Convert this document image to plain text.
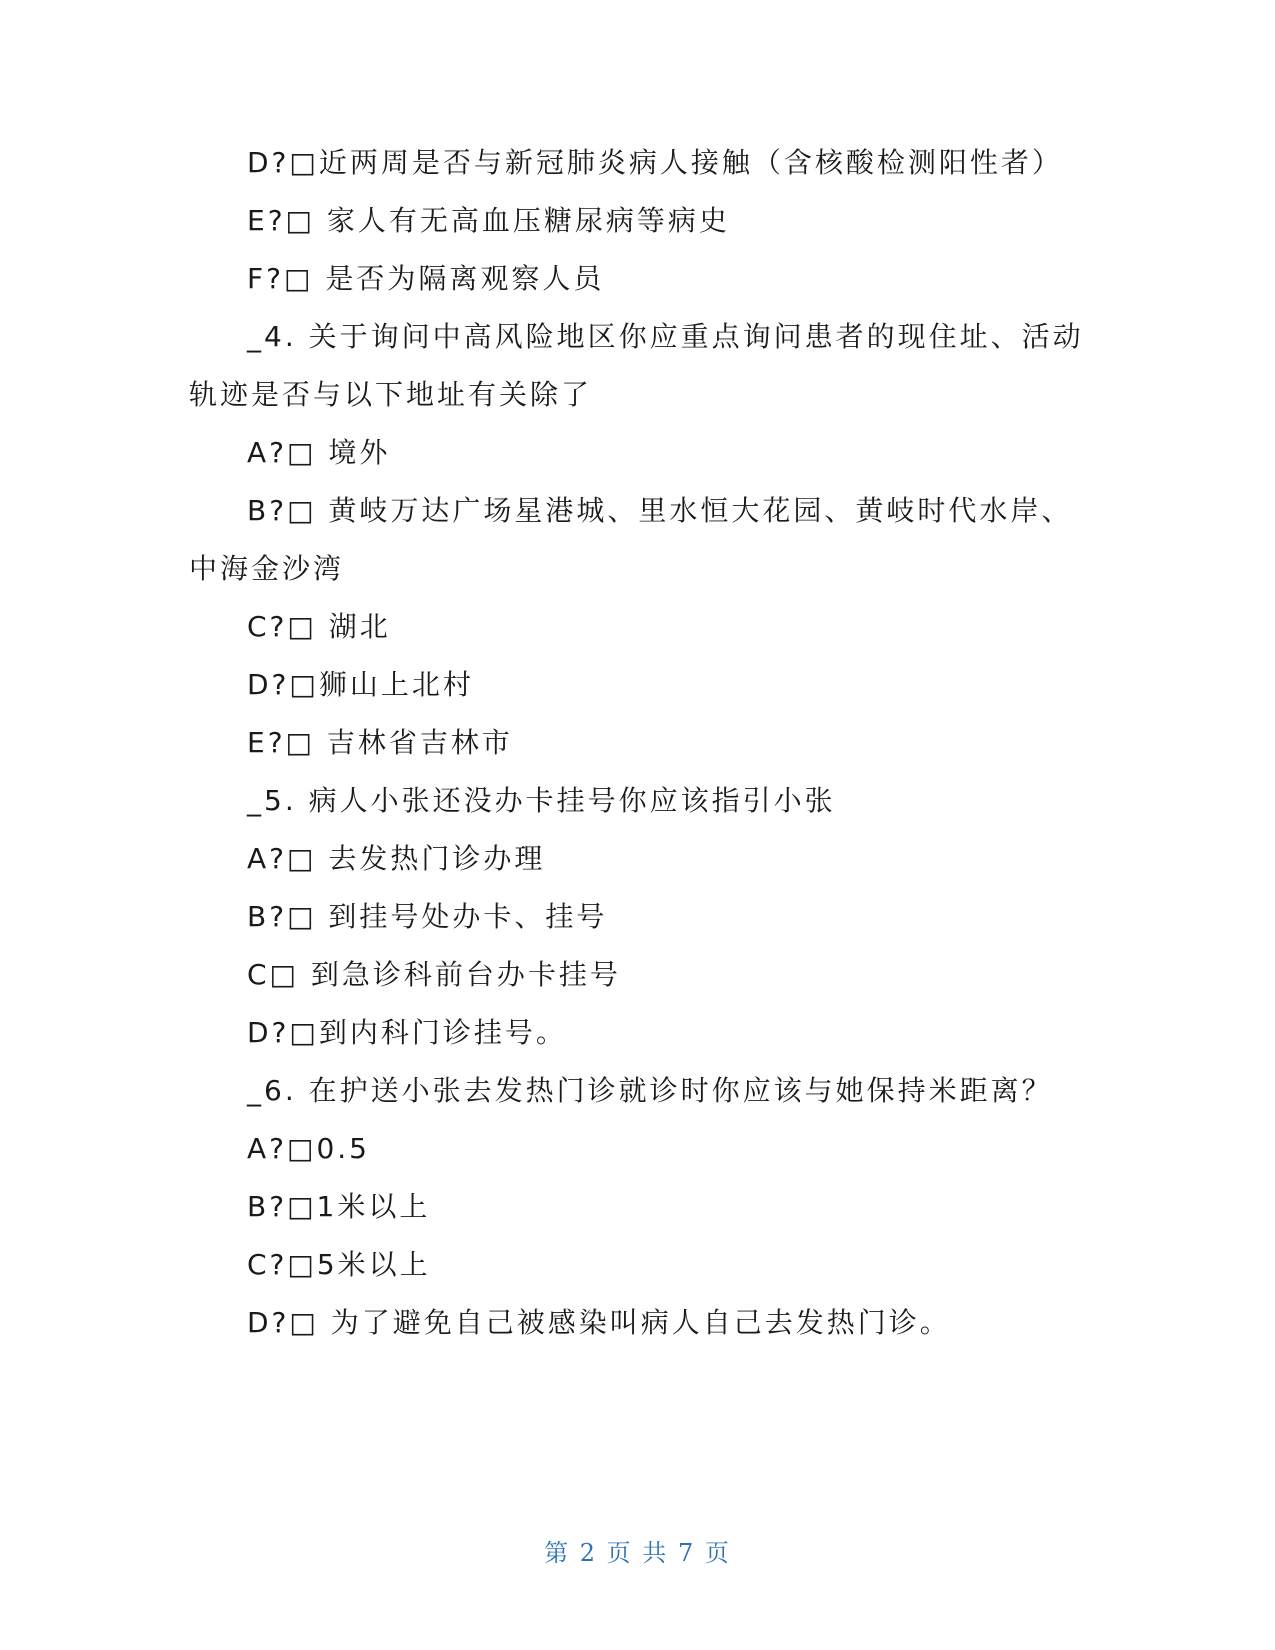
D?□近两周是否与新冠肺炎病人接触（含核酸检测阳性者）

E?□ 家人有无高血压糖尿病等病史

F?□ 是否为隔离观察人员

_4. 关于询问中高风险地区你应重点询问患者的现住址、活动

轨迹是否与以下地址有关除了

A?□ 境外

B?□ 黄岐万达广场星港城、里水恒大花园、黄岐时代水岸、

中海金沙湾

C?□ 湖北

D?□狮山上北村

E?□ 吉林省吉林市

_5. 病人小张还没办卡挂号你应该指引小张

A?□ 去发热门诊办理

B?□ 到挂号处办卡、挂号

C□ 到急诊科前台办卡挂号

D?□到内科门诊挂号。

_6. 在护送小张去发热门诊就诊时你应该与她保持米距离？

A?□0.5

B?□1米以上

C?□5米以上

D?□ 为了避免自己被感染叫病人自己去发热门诊。

第 2 页 共 7 页
